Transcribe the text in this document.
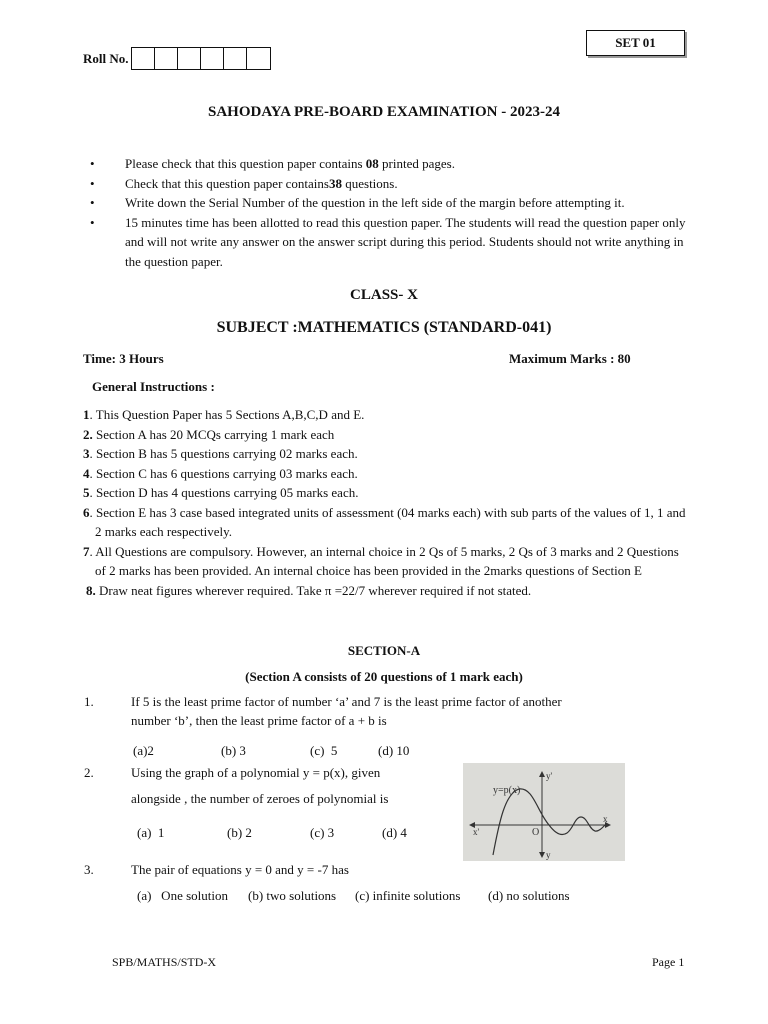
SET 01
Roll No.
SAHODAYA PRE-BOARD EXAMINATION - 2023-24
• Please check that this question paper contains 08 printed pages.
• Check that this question paper contains38 questions.
• Write down the Serial Number of the question in the left side of the margin before attempting it.
• 15 minutes time has been allotted to read this question paper. The students will read the question paper only and will not write any answer on the answer script during this period. Students should not write anything in the question paper.
CLASS- X
SUBJECT :MATHEMATICS (STANDARD-041)
Time: 3 Hours	Maximum Marks : 80
General Instructions :
1. This Question Paper has 5 Sections A,B,C,D and E.
2. Section A has 20 MCQs carrying 1 mark each
3. Section B has 5 questions carrying 02 marks each.
4. Section C has 6 questions carrying 03 marks each.
5. Section D has 4 questions carrying 05 marks each.
6. Section E has 3 case based integrated units of assessment (04 marks each) with sub parts of the values of 1, 1 and 2 marks each respectively.
7. All Questions are compulsory. However, an internal choice in 2 Qs of 5 marks, 2 Qs of 3 marks and 2 Questions of 2 marks has been provided. An internal choice has been provided in the 2marks questions of Section E
8. Draw neat figures wherever required. Take π =22/7 wherever required if not stated.
SECTION-A
(Section A consists of 20 questions of 1 mark each)
1.	If 5 is the least prime factor of number ‘a’ and 7 is the least prime factor of another
number ‘b’, then the least prime factor of a + b is
(a)2	(b) 3	(c)  5	(d) 10
2.	Using the graph of a polynomial y = p(x), given
alongside , the number of zeroes of polynomial is
(a)  1	(b) 2	(c) 3	(d) 4
y=p(x)
y'
y
x
x'	O
3.	The pair of equations y = 0 and y = -7 has
(a)   One solution (b) two solutions (c) infinite solutions (d) no solutions
SPB/MATHS/STD-X	Page 1
